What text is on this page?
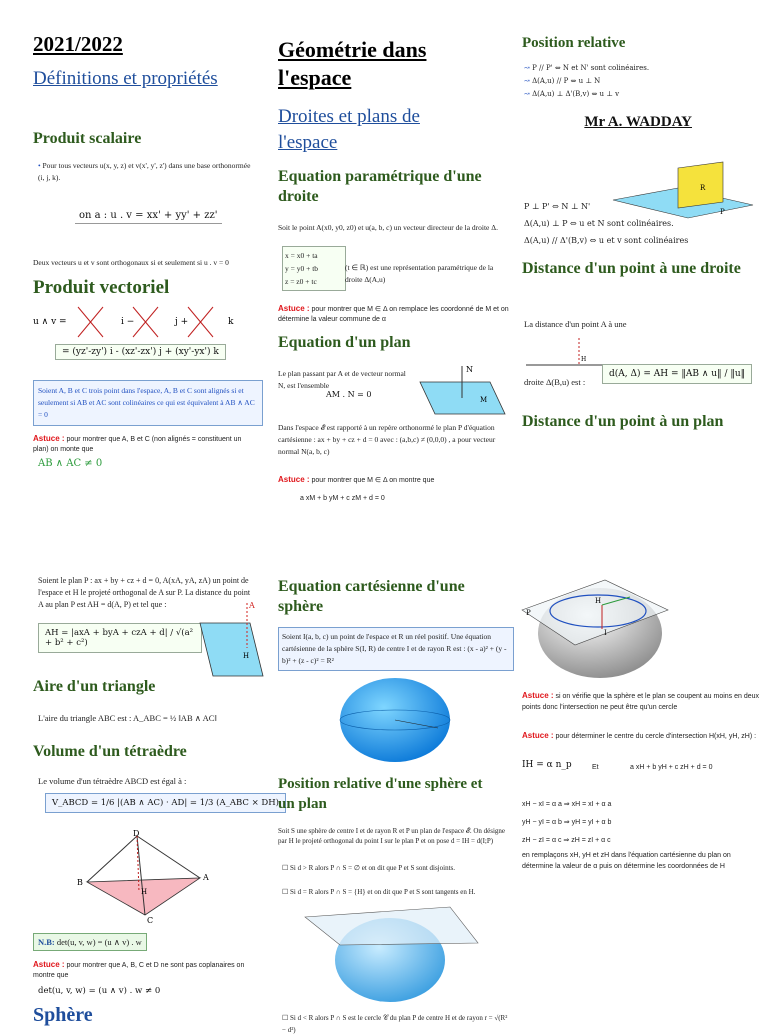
2021/2022
Définitions et propriétés
Produit scalaire
• Pour tous vecteurs u(x, y, z) et v(x', y', z') dans une base orthonormée (i, j, k).
on a : u . v = xx' + yy' + zz'
Deux vecteurs u et v sont orthogonaux si et seulement si u . v = 0
Produit vectoriel
u ∧ v =	i −	j +	k
= (yz'-zy') i - (xz'-zx') j + (xy'-yx') k
Soient A, B et C trois point dans l'espace, A, B et C sont alignés si et seulement si AB et AC sont colinéaires ce qui est équivalent à AB ∧ AC = 0
Astuce : pour montrer que A, B et C (non alignés = constituent un plan) on monte que
AB ∧ AC ≠ 0
Soient le plan P : ax + by + cz + d = 0, A(xA, yA, zA) un point de l'espace et H le projeté orthogonal de A sur P. La distance du point A au plan P est AH = d(A, P) et tel que :
AH = |axA + byA + czA + d| / √(a² + b² + c²)
A
H
Aire d'un triangle
L'aire du triangle ABC est : A_ABC = ½ ‖AB ∧ AC‖
Volume d'un tétraèdre
Le volume d'un tétraèdre ABCD est égal à :
V_ABCD = 1/6 |(AB ∧ AC) · AD| = 1/3 (A_ABC × DH)
D
B
A
C
H
N.B: det(u, v, w) = (u ∧ v) . w
Astuce : pour montrer que A, B, C et D ne sont pas coplanaires on montre que
det(u, v, w) = (u ∧ v) . w ≠ 0
Sphère
Géométrie dans l'espace
Droites et plans de l'espace
Equation paramétrique d'une droite
Soit le point A(x0, y0, z0) et u(a, b, c) un vecteur directeur de la droite Δ.
x = x0 + ta
y = y0 + tb
z = z0 + tc
(t ∈ ℝ) est une représentation paramétrique de la droite Δ(A,u)
Astuce : pour montrer que M ∈ Δ on remplace les coordonné de M et on détermine la valeur commune de α
Equation d'un plan
Le plan passant par A et de vecteur normal N, est l'ensemble
AM . N = 0
N
M
Dans l'espace 𝓔 est rapporté à un repère orthonormé le plan P d'équation cartésienne : ax + by + cz + d = 0 avec : (a,b,c) ≠ (0,0,0) , a pour vecteur normal N(a, b, c)
Astuce : pour montrer que M ∈ Δ on montre que
a xM + b yM + c zM + d = 0
Equation cartésienne d'une sphère
Soient I(a, b, c) un point de l'espace et R un réel positif. Une équation cartésienne de la sphère S(I, R) de centre I et de rayon R est : (x - a)² + (y - b)² + (z - c)² = R²
Position relative d'une sphère et un plan
Soit S une sphère de centre I et de rayon R et P un plan de l'espace 𝓔. On désigne par H le projeté orthogonal du point I sur le plan P et on pose d = IH = d(I;P)
☐ Si d > R alors P ∩ S = ∅ et on dit que P et S sont disjoints.
☐ Si d = R alors P ∩ S = {H} et on dit que P et S sont tangents en H.
☐ Si d < R alors P ∩ S est le cercle 𝒞 du plan P de centre H et de rayon r = √(R² − d²)
Position relative
↝ P // P' ⇔ N et N' sont colinéaires.
↝ Δ(A,u) // P ⇔ u ⊥ N
↝ Δ(A,u) ⊥ Δ'(B,v) ⇔ u ⊥ v
Mr A. WADDAY
R
P
P ⊥ P' ⇔ N ⊥ N'
Δ(A,u) ⊥ P ⇔ u et N sont colinéaires.
Δ(A,u) // Δ'(B,v) ⇔ u et v sont colinéaires
Distance d'un point à une droite
La distance d'un point A à une
H
droite Δ(B,u) est :
d(A, Δ) = AH = ‖AB ∧ u‖ / ‖u‖
Distance d'un point à un plan
H
I
P
Astuce : si on vérifie que la sphère et le plan se coupent au moins en deux points donc l'intersection ne peut être qu'un cercle
Astuce : pour déterminer le centre du cercle d'intersection H(xH, yH, zH) :
IH = α n_p	Et	a xH + b yH + c zH + d = 0
xH − xI = α a ⇒ xH = xI + α a
yH − yI = α b ⇒ yH = yI + α b
zH − zI = α c ⇒ zH = zI + α c
en remplaçons xH, yH et zH dans l'équation cartésienne du plan on détermine la valeur de α puis on détermine les coordonnées de H
